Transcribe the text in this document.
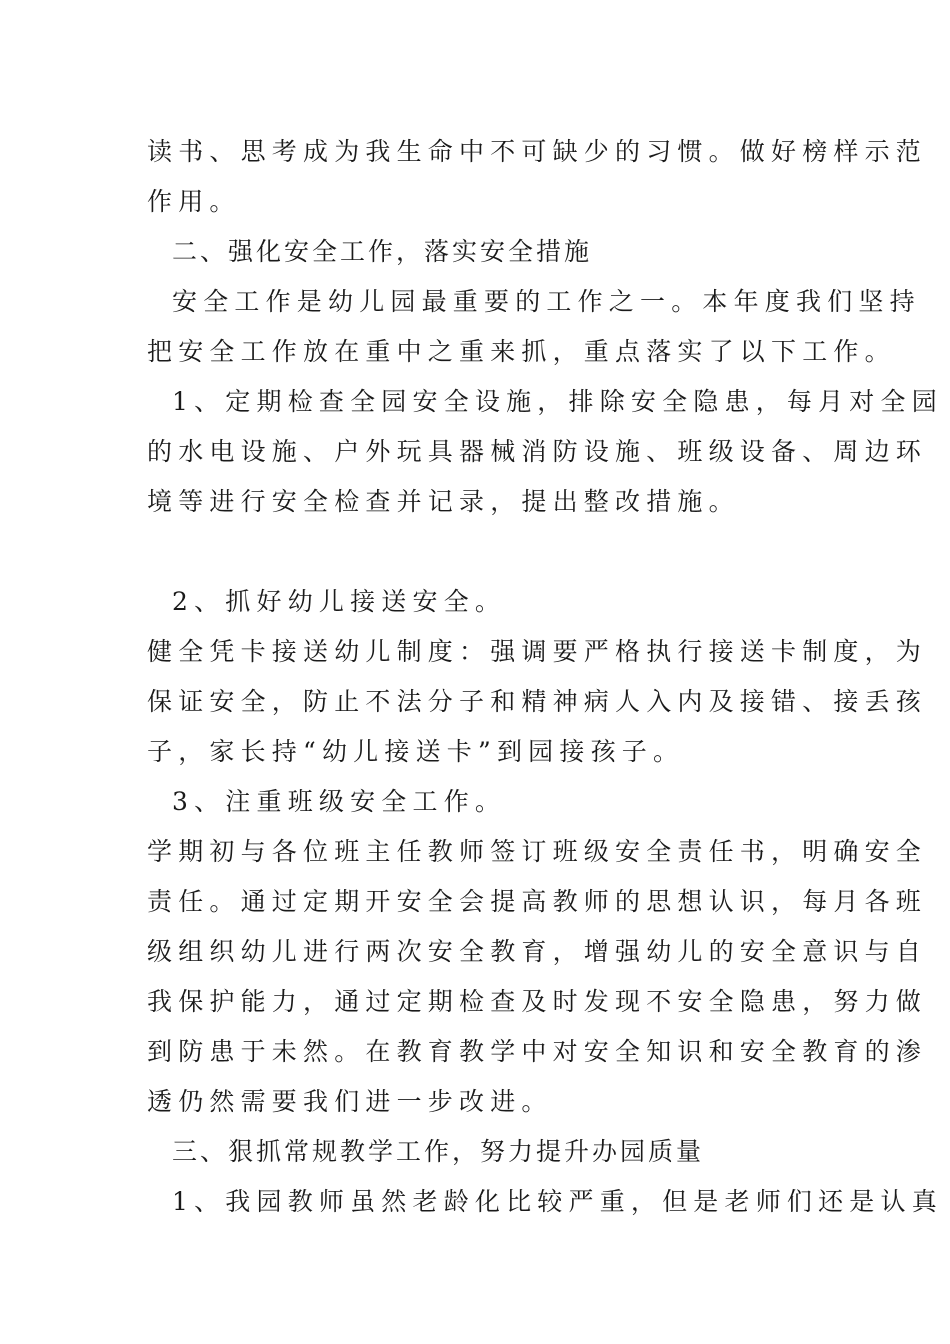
读书、思考成为我生命中不可缺少的习惯。做好榜样示范
作用。
二、强化安全工作，落实安全措施
安全工作是幼儿园最重要的工作之一。本年度我们坚持
把安全工作放在重中之重来抓，重点落实了以下工作。
1、定期检查全园安全设施，排除安全隐患，每月对全园
的水电设施、户外玩具器械消防设施、班级设备、周边环
境等进行安全检查并记录，提出整改措施。
2、抓好幼儿接送安全。
健全凭卡接送幼儿制度：强调要严格执行接送卡制度，为
保证安全，防止不法分子和精神病人入内及接错、接丢孩
子，家长持“幼儿接送卡”到园接孩子。
3、注重班级安全工作。
学期初与各位班主任教师签订班级安全责任书，明确安全
责任。通过定期开安全会提高教师的思想认识，每月各班
级组织幼儿进行两次安全教育，增强幼儿的安全意识与自
我保护能力，通过定期检查及时发现不安全隐患，努力做
到防患于未然。在教育教学中对安全知识和安全教育的渗
透仍然需要我们进一步改进。
三、狠抓常规教学工作，努力提升办园质量
1、我园教师虽然老龄化比较严重，但是老师们还是认真
